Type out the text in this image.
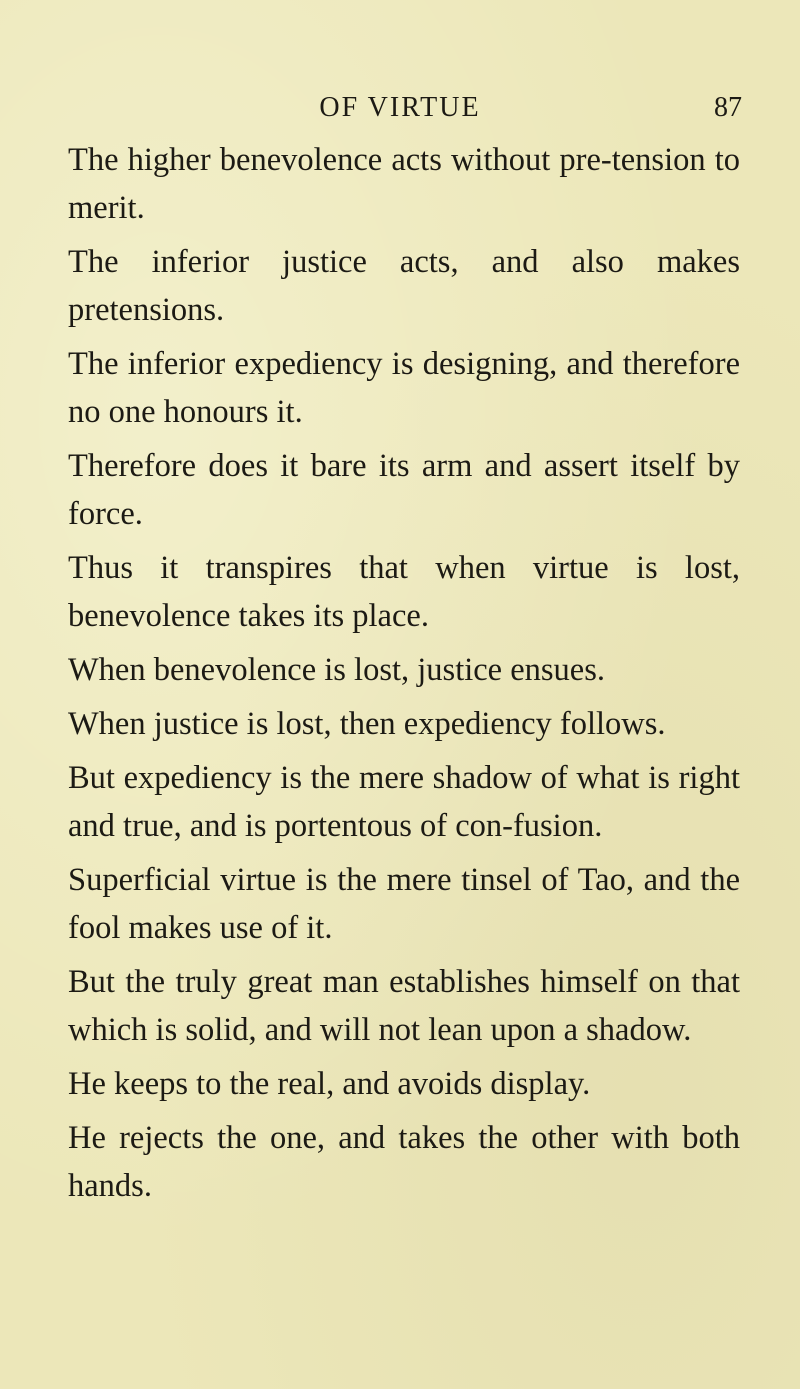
OF VIRTUE	87

The higher benevolence acts without pre-tension to merit.

The inferior justice acts, and also makes pretensions.

The inferior expediency is designing, and therefore no one honours it.

Therefore does it bare its arm and assert itself by force.

Thus it transpires that when virtue is lost, benevolence takes its place.

When benevolence is lost, justice ensues.

When justice is lost, then expediency follows.

But expediency is the mere shadow of what is right and true, and is portentous of con-fusion.

Superficial virtue is the mere tinsel of Tao, and the fool makes use of it.

But the truly great man establishes himself on that which is solid, and will not lean upon a shadow.

He keeps to the real, and avoids display.

He rejects the one, and takes the other with both hands.
